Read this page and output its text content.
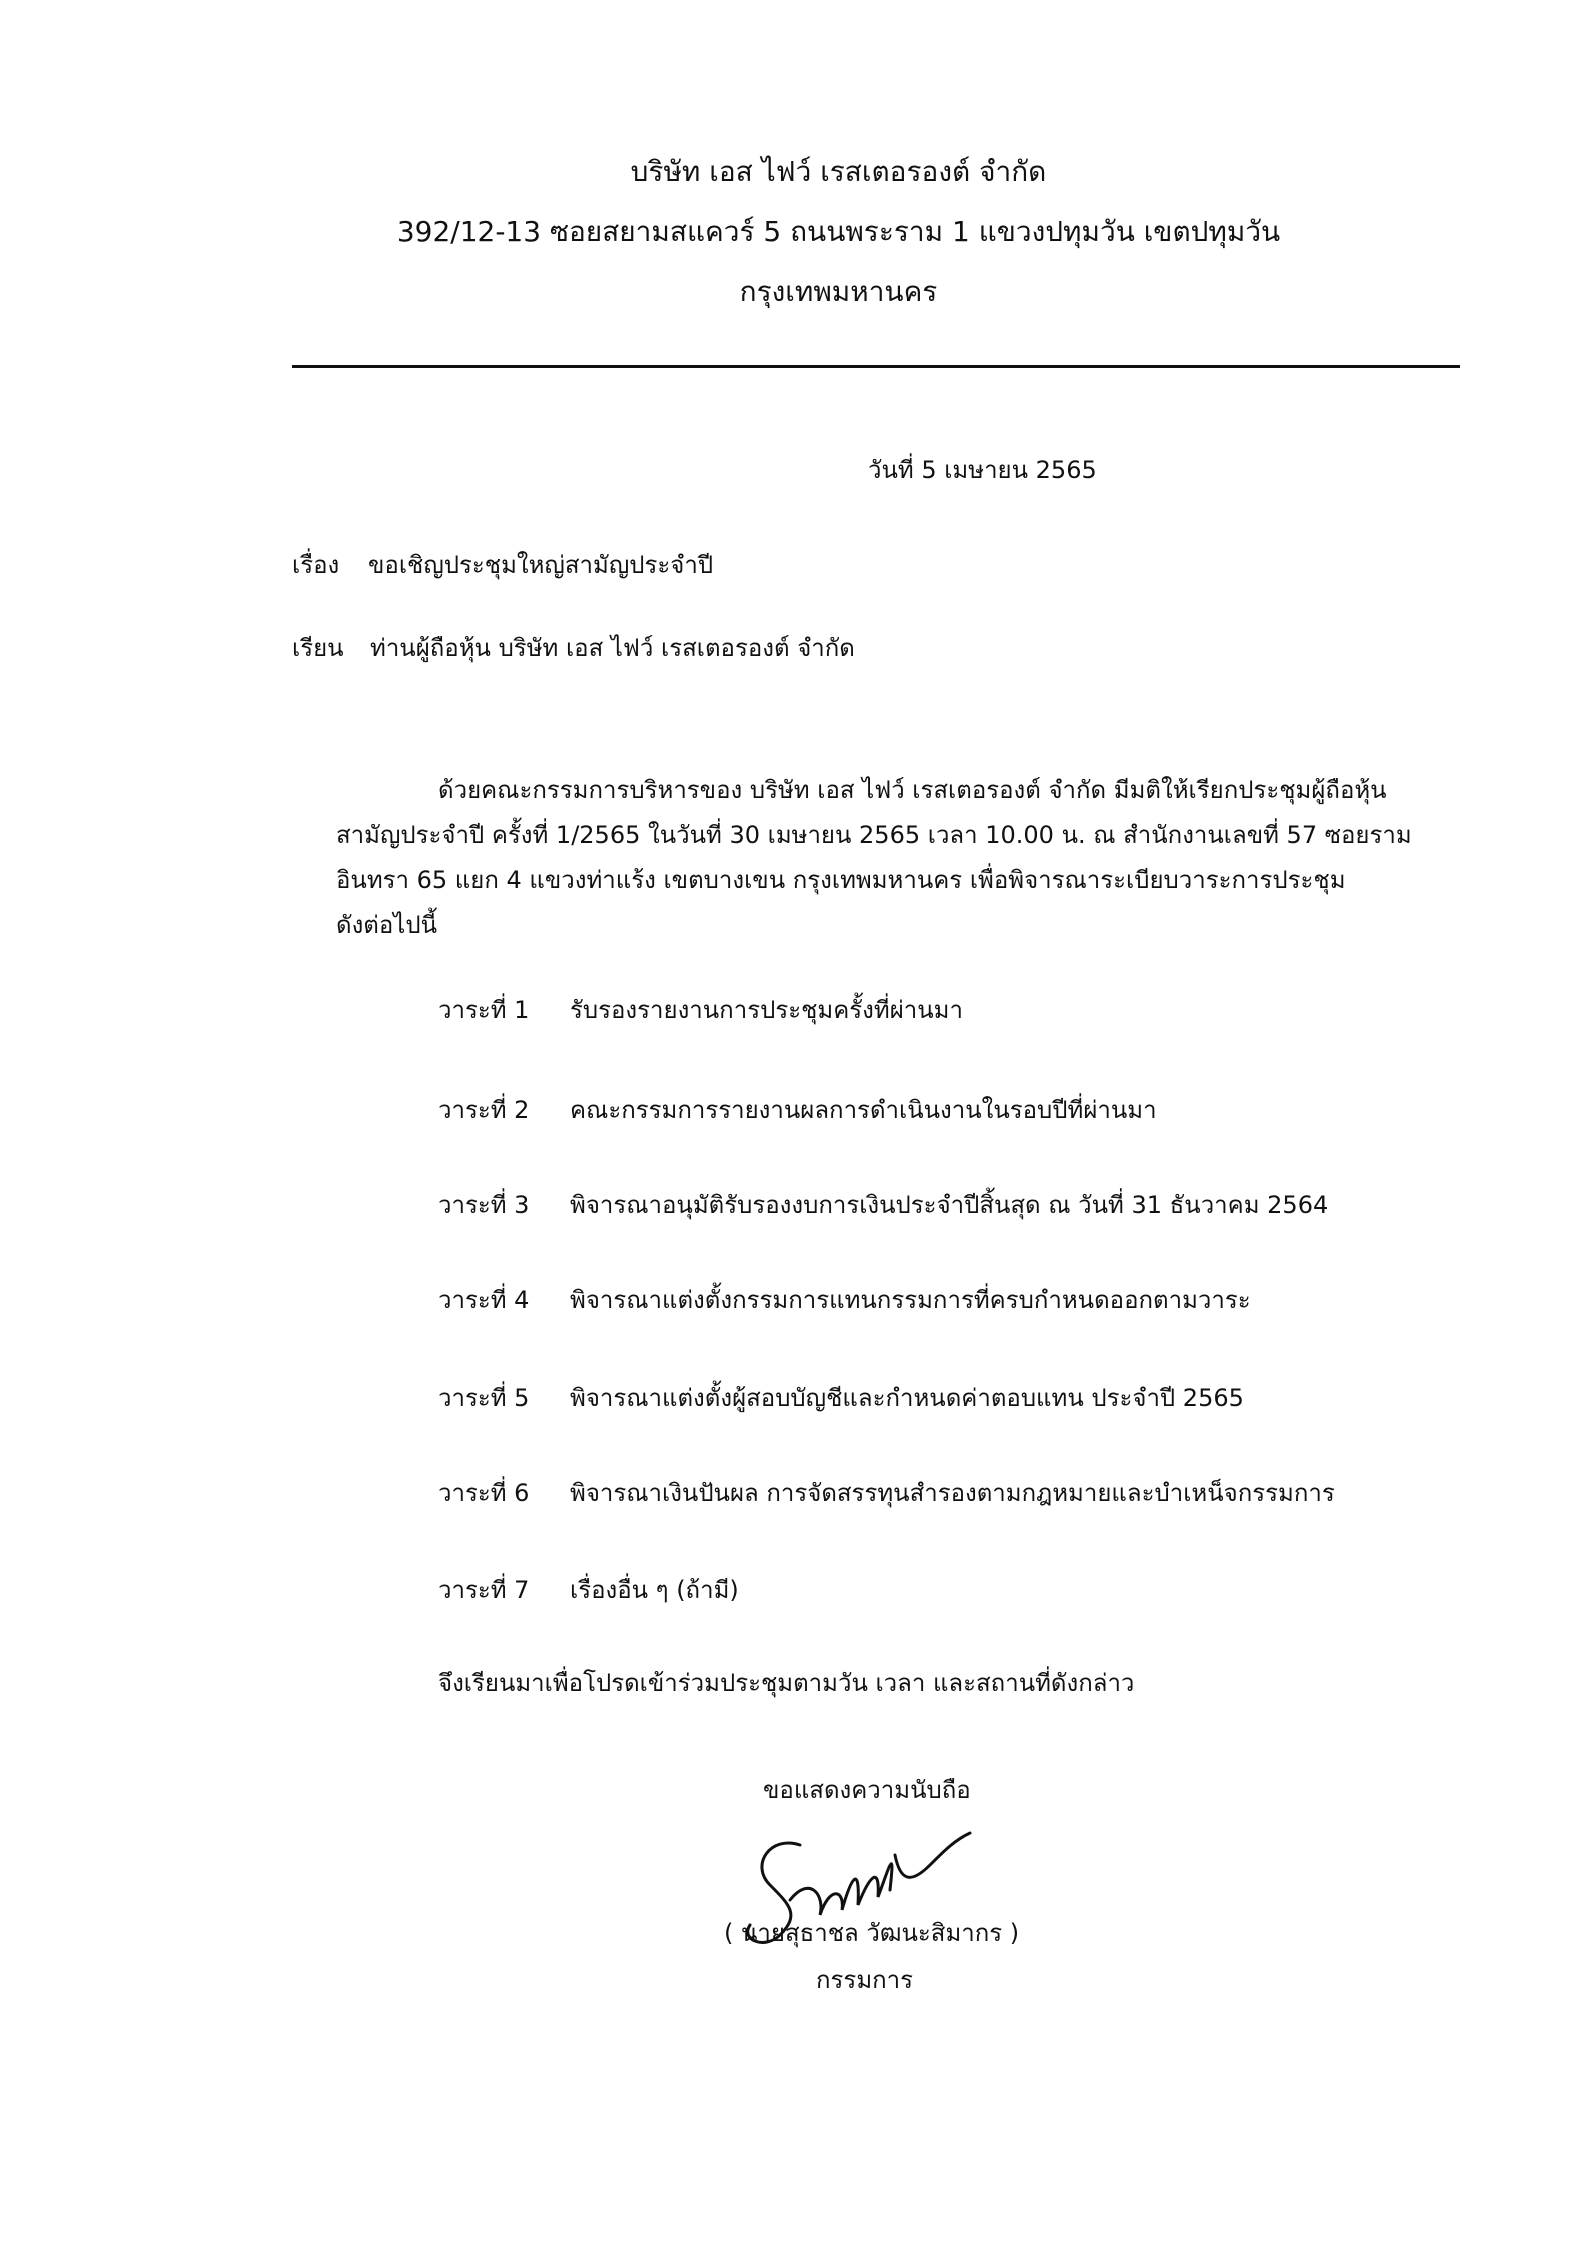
บริษัท เอส ไฟว์ เรสเตอรองต์ จำกัด
392/12-13 ซอยสยามสแควร์ 5 ถนนพระราม 1 แขวงปทุมวัน เขตปทุมวัน
กรุงเทพมหานคร
วันที่ 5 เมษายน 2565
เรื่อง ขอเชิญประชุมใหญ่สามัญประจำปี
เรียน ท่านผู้ถือหุ้น บริษัท เอส ไฟว์ เรสเตอรองต์ จำกัด
ด้วยคณะกรรมการบริหารของ บริษัท เอส ไฟว์ เรสเตอรองต์ จำกัด มีมติให้เรียกประชุมผู้ถือหุ้น
สามัญประจำปี ครั้งที่ 1/2565 ในวันที่ 30 เมษายน 2565 เวลา 10.00 น. ณ สำนักงานเลขที่ 57 ซอยราม
อินทรา 65 แยก 4 แขวงท่าแร้ง เขตบางเขน กรุงเทพมหานคร เพื่อพิจารณาระเบียบวาระการประชุม
ดังต่อไปนี้
วาระที่ 1 รับรองรายงานการประชุมครั้งที่ผ่านมา
วาระที่ 2 คณะกรรมการรายงานผลการดำเนินงานในรอบปีที่ผ่านมา
วาระที่ 3 พิจารณาอนุมัติรับรองงบการเงินประจำปีสิ้นสุด ณ วันที่ 31 ธันวาคม 2564
วาระที่ 4 พิจารณาแต่งตั้งกรรมการแทนกรรมการที่ครบกำหนดออกตามวาระ
วาระที่ 5 พิจารณาแต่งตั้งผู้สอบบัญชีและกำหนดค่าตอบแทน ประจำปี 2565
วาระที่ 6 พิจารณาเงินปันผล การจัดสรรทุนสำรองตามกฎหมายและบำเหน็จกรรมการ
วาระที่ 7 เรื่องอื่น ๆ (ถ้ามี)
จึงเรียนมาเพื่อโปรดเข้าร่วมประชุมตามวัน เวลา และสถานที่ดังกล่าว
ขอแสดงความนับถือ
( นายสุธาชล วัฒนะสิมากร )
กรรมการ
